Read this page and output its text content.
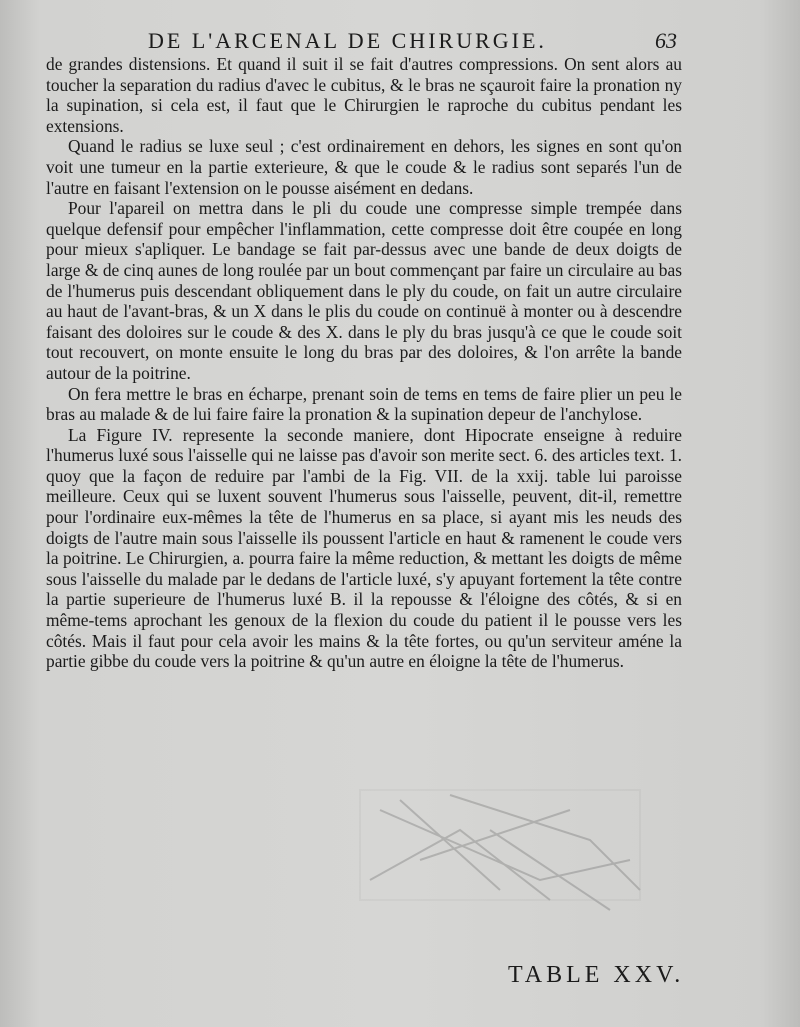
DE L'ARCENAL DE CHIRURGIE.	63

de grandes distensions. Et quand il suit il se fait d'autres compressions. On sent alors au toucher la separation du radius d'avec le cubitus, & le bras ne sçauroit faire la pronation ny la supination, si cela est, il faut que le Chirurgien le raproche du cubitus pendant les extensions.

Quand le radius se luxe seul ; c'est ordinairement en dehors, les signes en sont qu'on voit une tumeur en la partie exterieure, & que le coude & le radius sont separés l'un de l'autre en faisant l'extension on le pousse aisément en dedans.

Pour l'apareil on mettra dans le pli du coude une compresse simple trempée dans quelque defensif pour empêcher l'inflammation, cette compresse doit être coupée en long pour mieux s'apliquer. Le bandage se fait par-dessus avec une bande de deux doigts de large & de cinq aunes de long roulée par un bout commençant par faire un circulaire au bas de l'humerus puis descendant obliquement dans le ply du coude, on fait un autre circulaire au haut de l'avant-bras, & un X dans le plis du coude on continuë à monter ou à descendre faisant des doloires sur le coude & des X. dans le ply du bras jusqu'à ce que le coude soit tout recouvert, on monte ensuite le long du bras par des doloires, & l'on arrête la bande autour de la poitrine.

On fera mettre le bras en écharpe, prenant soin de tems en tems de faire plier un peu le bras au malade & de lui faire faire la pronation & la supination depeur de l'anchylose.

La Figure IV. represente la seconde maniere, dont Hipocrate enseigne à reduire l'humerus luxé sous l'aisselle qui ne laisse pas d'avoir son merite sect. 6. des articles text. 1. quoy que la façon de reduire par l'ambi de la Fig. VII. de la xxij. table lui paroisse meilleure. Ceux qui se luxent souvent l'humerus sous l'aisselle, peuvent, dit-il, remettre pour l'ordinaire eux-mêmes la tête de l'humerus en sa place, si ayant mis les neuds des doigts de l'autre main sous l'aisselle ils poussent l'article en haut & ramenent le coude vers la poitrine. Le Chirurgien, a. pourra faire la même reduction, & mettant les doigts de même sous l'aisselle du malade par le dedans de l'article luxé, s'y apuyant fortement la tête contre la partie superieure de l'humerus luxé B. il la repousse & l'éloigne des côtés, & si en même-tems aprochant les genoux de la flexion du coude du patient il le pousse vers les côtés. Mais il faut pour cela avoir les mains & la tête fortes, ou qu'un serviteur améne la partie gibbe du coude vers la poitrine & qu'un autre en éloigne la tête de l'humerus.

TABLE XXV.
